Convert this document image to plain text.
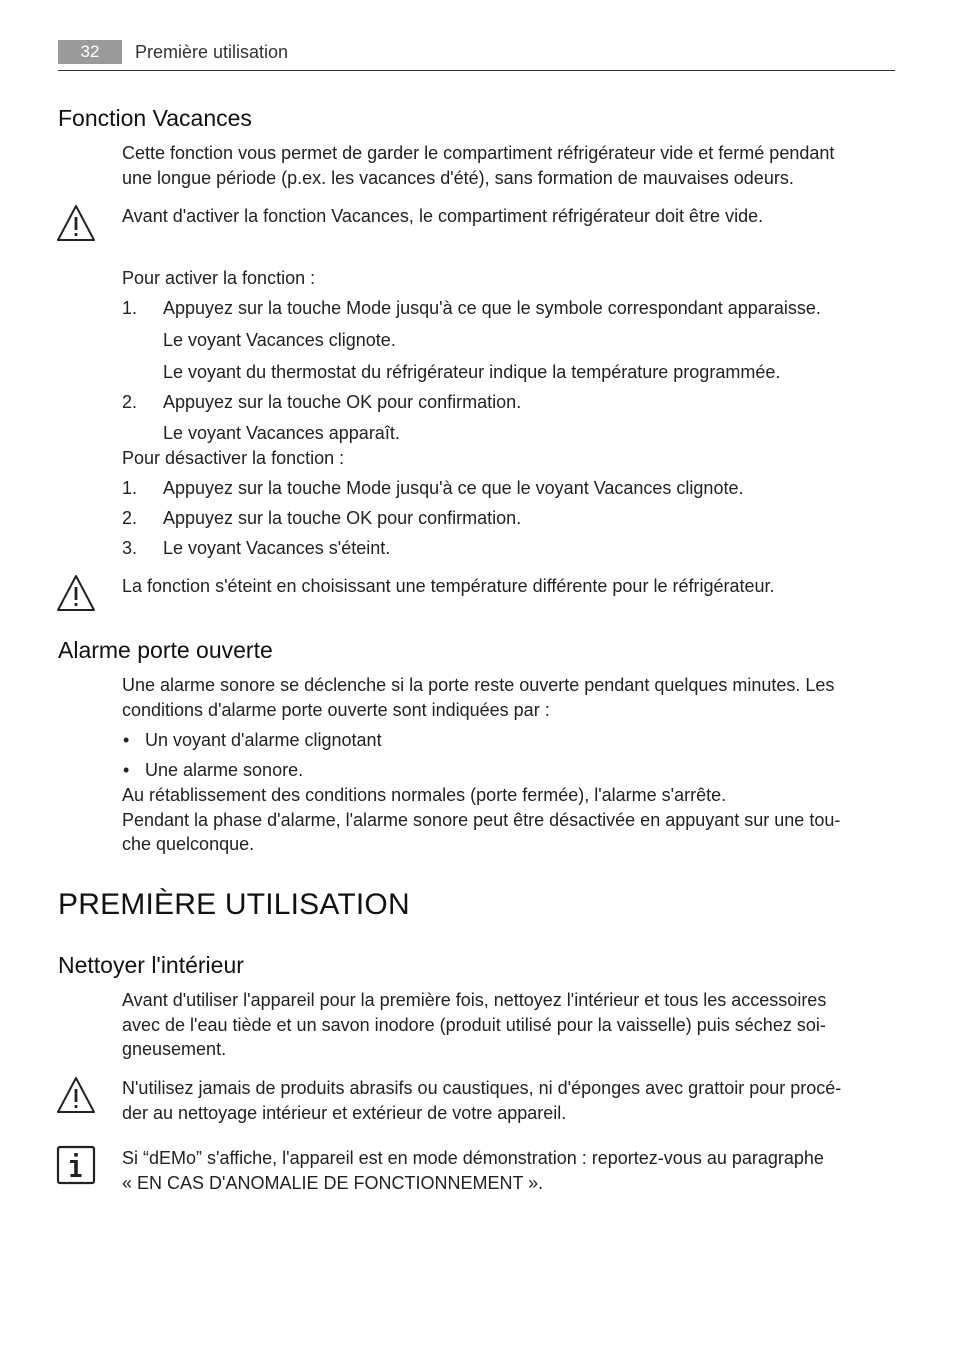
32	Première utilisation
Fonction Vacances
Cette fonction vous permet de garder le compartiment réfrigérateur vide et fermé pendant
une longue période (p.ex. les vacances d'été), sans formation de mauvaises odeurs.
Avant d'activer la fonction Vacances, le compartiment réfrigérateur doit être vide.
Pour activer la fonction :
1. Appuyez sur la touche Mode jusqu'à ce que le symbole correspondant apparaisse.
Le voyant Vacances clignote.
Le voyant du thermostat du réfrigérateur indique la température programmée.
2. Appuyez sur la touche OK pour confirmation.
Le voyant Vacances apparaît.
Pour désactiver la fonction :
1. Appuyez sur la touche Mode jusqu'à ce que le voyant Vacances clignote.
2. Appuyez sur la touche OK pour confirmation.
3. Le voyant Vacances s'éteint.
La fonction s'éteint en choisissant une température différente pour le réfrigérateur.
Alarme porte ouverte
Une alarme sonore se déclenche si la porte reste ouverte pendant quelques minutes. Les
conditions d'alarme porte ouverte sont indiquées par :
• Un voyant d'alarme clignotant
• Une alarme sonore.
Au rétablissement des conditions normales (porte fermée), l'alarme s'arrête.
Pendant la phase d'alarme, l'alarme sonore peut être désactivée en appuyant sur une tou-
che quelconque.
PREMIÈRE UTILISATION
Nettoyer l'intérieur
Avant d'utiliser l'appareil pour la première fois, nettoyez l'intérieur et tous les accessoires
avec de l'eau tiède et un savon inodore (produit utilisé pour la vaisselle) puis séchez soi-
gneusement.
N'utilisez jamais de produits abrasifs ou caustiques, ni d'éponges avec grattoir pour procé-
der au nettoyage intérieur et extérieur de votre appareil.
Si “dEMo” s'affiche, l'appareil est en mode démonstration : reportez-vous au paragraphe
« EN CAS D'ANOMALIE DE FONCTIONNEMENT ».
